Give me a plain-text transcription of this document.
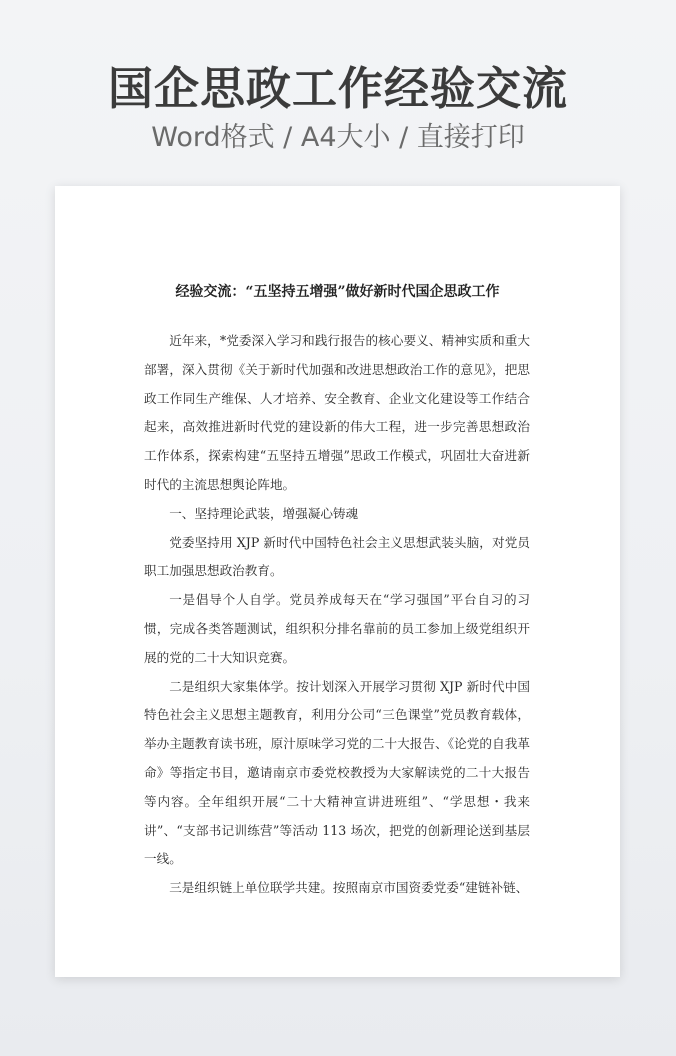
国企思政工作经验交流
Word格式 / A4大小 / 直接打印
经验交流：“五坚持五增强”做好新时代国企思政工作

近年来，*党委深入学习和践行报告的核心要义、精神实质和重大部署，深入贯彻《关于新时代加强和改进思想政治工作的意见》，把思政工作同生产维保、人才培养、安全教育、企业文化建设等工作结合起来，高效推进新时代党的建设新的伟大工程，进一步完善思想政治工作体系，探索构建“五坚持五增强”思政工作模式，巩固壮大奋进新时代的主流思想舆论阵地。

一、坚持理论武装，增强凝心铸魂

党委坚持用 XJP 新时代中国特色社会主义思想武装头脑，对党员职工加强思想政治教育。

一是倡导个人自学。党员养成每天在“学习强国”平台自习的习惯，完成各类答题测试，组织积分排名靠前的员工参加上级党组织开展的党的二十大知识竞赛。

二是组织大家集体学。按计划深入开展学习贯彻 XJP 新时代中国特色社会主义思想主题教育，利用分公司“三色课堂”党员教育载体，举办主题教育读书班，原汁原味学习党的二十大报告、《论党的自我革命》等指定书目，邀请南京市委党校教授为大家解读党的二十大报告等内容。全年组织开展“二十大精神宣讲进班组”、“学思想・我来讲”、“支部书记训练营”等活动 113 场次，把党的创新理论送到基层一线。

三是组织链上单位联学共建。按照南京市国资委党委“建链补链、
